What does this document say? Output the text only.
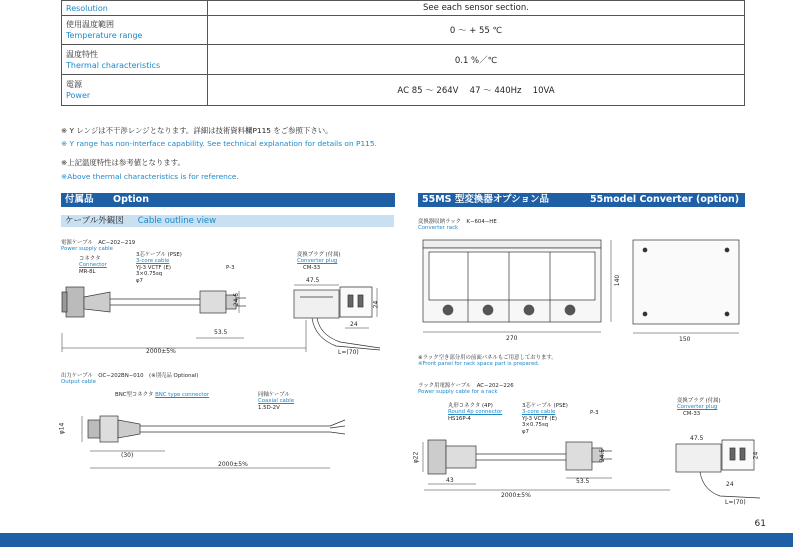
Resolution	See each sensor section.

使用温度範囲
Temperature range	0 ～ + 55 ℃

温度特性
Thermal characteristics	0.1 %／℃

電源
Power	AC 85 ～ 264V　 47 ～ 440Hz　 10VA
※ Y レンジは不干渉レンジとなります。詳細は技術資料欄P115 をご参照下さい。
※ Y range has non-interface capability. See technical explanation for details on P115.
※上記温度特性は参考値となります。
※Above thermal characteristics is for reference.
付属品 Option	55MS 型変換器オプション品	55model Converter (option)
ケーブル外観図 Cable outline view
電源ケーブル　AC−202−219
Power supply cable
コネクタ
Connector
MR-8L
3芯ケーブル (PSE)
3-core cable
YJ-3 VCTF (E)
3×0.75sq
φ7
P-3
変換プラグ (付属)
Converter plug
CM-33
47.5
24.5	24
24
53.5
2000±5%	L=(70)
出力ケーブル　OC−202BN−010　(※別売品 Optional)
Output cable
BNC型コネクタ BNC type connector	同軸ケーブル
Coaxial cable
1.5D-2V
φ14
(30)
2000±5%
変換器収納ラック　K−604−HE
Converter rack
270
140
150
※ラック空き部分用の前面パネルもご用意しております。
※Front panel for rack space part is prepared.
ラック用電源ケーブル　AC−202−226
Power supply cable for a rack
丸形コネクタ (4P)
Round 4p connector
HS16P-4
3芯ケーブル (PSE)
3-core cable
YJ-3 VCTF (E)
3×0.75sq
φ7
P-3
変換プラグ (付属)
Converter plug
CM-33
φ22
43	53.5
2000±5%
47.5
24.5	24
24
L=(70)
61
